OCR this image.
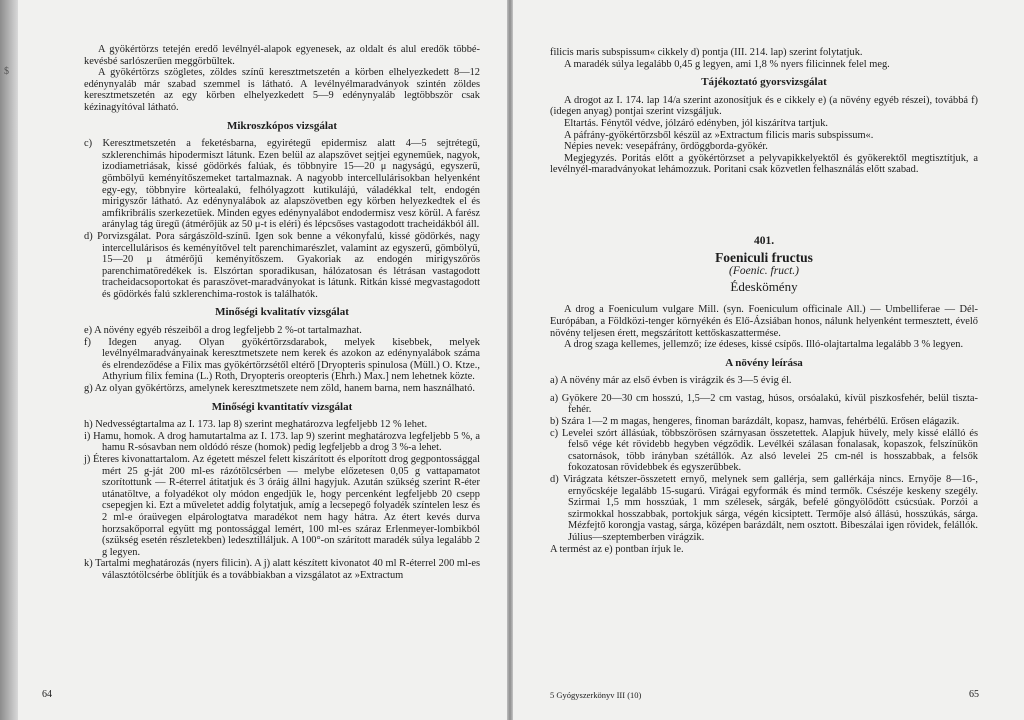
$

A gyökértörzs tetején eredő levélnyél-alapok egyenesek, az oldalt és alul eredők többé-kevésbé sarlószerűen meggörbültek.

A gyökértörzs szögletes, zöldes színű keresztmetszetén a körben elhelyezkedett 8—12 edénynyaláb már szabad szemmel is látható. A levélnyélmaradványok szintén zöldes keresztmetszetén az egy körben elhelyezkedett 5—9 edénynyaláb legtöbbször csak kézinagyítóval látható.

Mikroszkópos vizsgálat

c) Keresztmetszetén a feketésbarna, egyirétegű epidermisz alatt 4—5 sejtrétegű, szklerenchimás hipodermiszt látunk. Ezen belül az alapszövet sejtjei egyneműek, nagyok, izodiametriásak, kissé gödörkés falúak, és többnyire 15—20 μ nagyságú, egyszerű, gömbölyű keményítőszemeket tartalmaznak. A nagyobb intercellulárisokban helyenként egy-egy, többnyire körtealakú, felhólyagzott kutikulájú, váladékkal telt, endogén mirigyszőr látható. Az edénynyalábok az alapszövetben egy körben helyezkedtek el és amfikribrális szerkezetűek. Minden egyes edénynyalábot endodermisz vesz körül. A farész aránylag tág üregű (átmérőjük az 50 μ-t is eléri) és lépcsőses vastagodott tracheidákból áll.

d) Porvizsgálat. Pora sárgászöld-színű. Igen sok benne a vékonyfalú, kissé gödörkés, nagy intercellulárisos és keményítővel telt parenchimarészlet, valamint az egyszerű, gömbölyű, 15—20 μ átmérőjű keményítőszem. Gyakoriak az endogén mirigyszőrös parenchimatöredékek is. Elszórtan sporadikusan, hálózatosan és létrásan vastagodott tracheidacsoportokat és paraszövet-maradványokat is látunk. Ritkán kissé megvastagodott és gödörkés falú szklerenchima-rostok is találhatók.

Minőségi kvalitatív vizsgálat

e) A növény egyéb részeiből a drog legfeljebb 2 %-ot tartalmazhat.

f) Idegen anyag. Olyan gyökértörzsdarabok, melyek kisebbek, melyek levélnyélmaradványainak keresztmetszete nem kerek és azokon az edénynyalábok száma és elrendeződése a Filix mas gyökértörzsétől eltérő [Dryopteris spinulosa (Müll.) O. Ktze., Athyrium filix femina (L.) Roth, Dryopteris oreopteris (Ehrh.) Max.] nem lehetnek közte.

g) Az olyan gyökértörzs, amelynek keresztmetszete nem zöld, hanem barna, nem használható.

Minőségi kvantitatív vizsgálat

h) Nedvességtartalma az I. 173. lap 8) szerint meghatározva legfeljebb 12 % lehet.

i) Hamu, homok. A drog hamutartalma az I. 173. lap 9) szerint meghatározva legfeljebb 5 %, a hamu R-sósavban nem oldódó része (homok) pedig legfeljebb a drog 3 %-a lehet.

j) Éteres kivonattartalom. Az égetett mészel felett kiszárított és elporított drog gegpontossággal mért 25 g-ját 200 ml-es rázótölcsérben — melybe előzetesen 0,05 g vattapamatot szorítottunk — R-éterrel átitatjuk és 3 óráig állni hagyjuk. Azután szükség szerint R-éter utánatöltve, a folyadékot oly módon engedjük le, hogy percenként legfeljebb 20 csepp csepegjen ki. Ezt a műveletet addig folytatjuk, amíg a lecsepegő folyadék színtelen lesz és 2 ml-e óraüvegen elpárologtatva maradékot nem hagy hátra. Az étert kevés durva horzsakőporral együtt mg pontossággal lemért, 100 ml-es száraz Erlenmeyer-lombikból (szükség esetén részletekben) ledesztilláljuk. A 100°-on szárított maradék súlya legalább 2 g legyen.

k) Tartalmi meghatározás (nyers filicin). A j) alatt készített kivonatot 40 ml R-éterrel 200 ml-es választótölcsérbe öblítjük és a továbbiakban a vizsgálatot az »Extractum

64

filicis maris subspissum« cikkely d) pontja (III. 214. lap) szerint folytatjuk.

A maradék súlya legalább 0,45 g legyen, ami 1,8 % nyers filicinnek felel meg.

Tájékoztató gyorsvizsgálat

A drogot az I. 174. lap 14/a szerint azonosítjuk és e cikkely e) (a növény egyéb részei), továbbá f) (idegen anyag) pontjai szerint vizsgáljuk.

Eltartás. Fénytől védve, jólzáró edényben, jól kiszárítva tartjuk.

A páfrány-gyökértörzsből készül az »Extractum filicis maris subspissum«.

Népies nevek: vesepáfrány, ördöggborda-gyökér.

Megjegyzés. Poritás előtt a gyökértörzset a pelyvapikkelyektől és gyökerektől megtisztítjuk, a levélnyél-maradványokat lehámozzuk. Poritani csak közvetlen felhasználás előtt szabad.

401.
Foeniculi fructus
(Foenic. fruct.)
Édeskömény

A drog a Foeniculum vulgare Mill. (syn. Foeniculum officinale All.) — Umbelliferae — Dél-Európában, a Földközi-tenger környékén és Elő-Ázsiában honos, nálunk helyenként termesztett, évelő növény teljesen érett, megszárított kettőskaszattermése.

A drog szaga kellemes, jellemző; íze édeses, kissé csípős. Illó-olajtartalma legalább 3 % legyen.

A növény leírása

a) A növény már az első évben is virágzik és 3—5 évig él.

a) Gyökere 20—30 cm hosszú, 1,5—2 cm vastag, húsos, orsóalakú, kívül piszkosfehér, belül tiszta-fehér.

b) Szára 1—2 m magas, hengeres, finoman barázdált, kopasz, hamvas, fehérbélű. Erősen elágazik.

c) Levelei szórt állásúak, többszörösen szárnyasan összetettek. Alapjuk hüvely, mely kissé elálló és felső vége két rövidebb hegyben végződik. Levélkéi szálasan fonalasak, kopaszok, felszínükön csatornások, több irányban szétállók. Az alsó levelei 25 cm-nél is hosszabbak, a felsők fokozatosan rövidebbek és egyszerűbbek.

d) Virágzata kétszer-összetett ernyő, melynek sem gallérja, sem gallérkája nincs. Ernyője 8—16-, ernyőcskéje legalább 15-sugarú. Virágai egyformák és mind termők. Csészéje keskeny szegély. Szirmai 1,5 mm hosszúak, 1 mm szélesek, sárgák, befelé göngyölődött csúcsúak. Porzói a szirmokkal hosszabbak, portokjuk sárga, végén kicsiptett. Termője alsó állású, hosszúkás, sárga. Mézfejtő korongja vastag, sárga, középen barázdált, nem osztott. Bibeszálai igen rövidek, felállók. Július—szeptemberben virágzik.

A termést az e) pontban írjuk le.

5 Gyógyszerkönyv III (10)	65
